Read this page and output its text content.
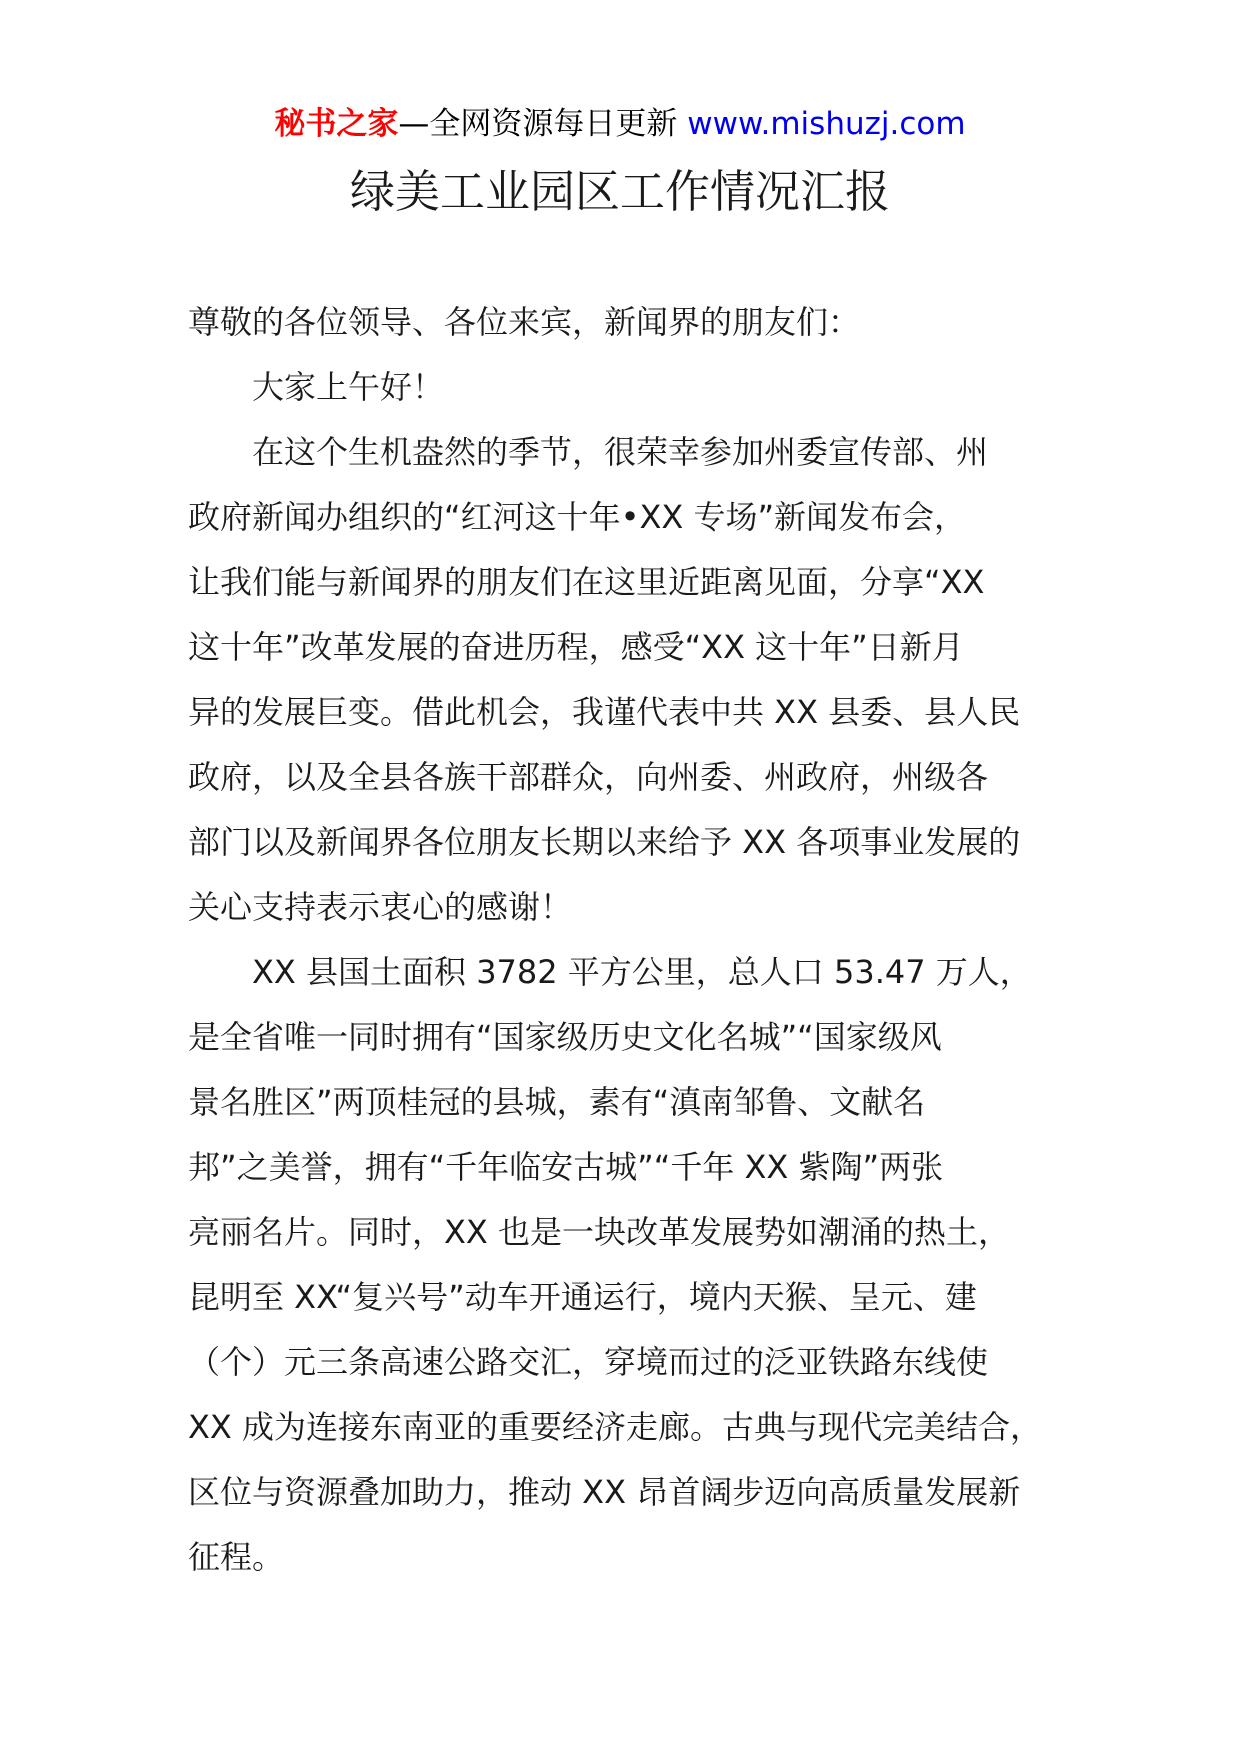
秘书之家—全网资源每日更新 www.mishuzj.com
绿美工业园区工作情况汇报

尊敬的各位领导、各位来宾，新闻界的朋友们：

大家上午好！

在这个生机盎然的季节，很荣幸参加州委宣传部、州
政府新闻办组织的“红河这十年•XX 专场”新闻发布会，
让我们能与新闻界的朋友们在这里近距离见面，分享“XX
这十年”改革发展的奋进历程，感受“XX 这十年”日新月
异的发展巨变。借此机会，我谨代表中共 XX 县委、县人民
政府，以及全县各族干部群众，向州委、州政府，州级各
部门以及新闻界各位朋友长期以来给予 XX 各项事业发展的
关心支持表示衷心的感谢！

XX 县国土面积 3782 平方公里，总人口 53.47 万人，
是全省唯一同时拥有“国家级历史文化名城”“国家级风
景名胜区”两顶桂冠的县城，素有“滇南邹鲁、文献名
邦”之美誉，拥有“千年临安古城”“千年 XX 紫陶”两张
亮丽名片。同时，XX 也是一块改革发展势如潮涌的热土，
昆明至 XX“复兴号”动车开通运行，境内天猴、呈元、建
（个）元三条高速公路交汇，穿境而过的泛亚铁路东线使
XX 成为连接东南亚的重要经济走廊。古典与现代完美结合，
区位与资源叠加助力，推动 XX 昂首阔步迈向高质量发展新
征程。
